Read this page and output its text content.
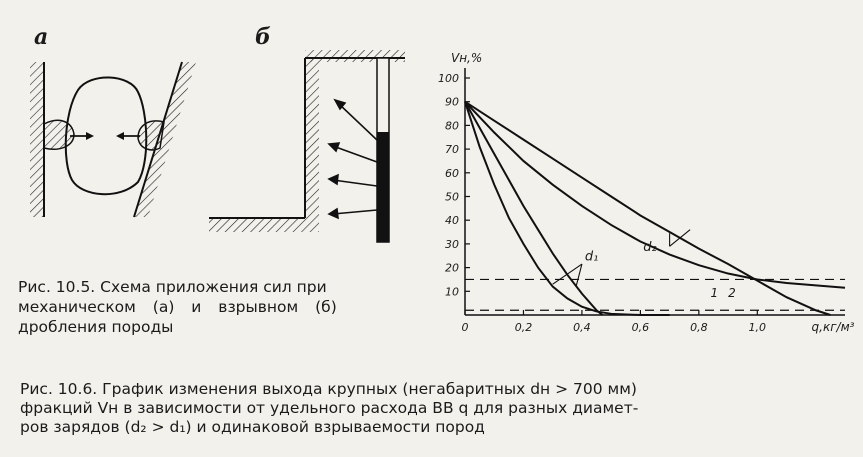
а	б
Рис. 10.5. Схема приложения сил при
механическом (а) и взрывном (б)
дробления породы
10
20
30
40
50
60
70
80
90
100
0	0,2	0,4	0,6	0,8	1,0
Vн,%
q,кг/м³
1 2
d₁
d₂
Рис. 10.6. График изменения выхода крупных (негабаритных dн > 700 мм)
фракций Vн в зависимости от удельного расхода ВВ q для разных диамет-
ров зарядов (d₂ > d₁) и одинаковой взрываемости пород
